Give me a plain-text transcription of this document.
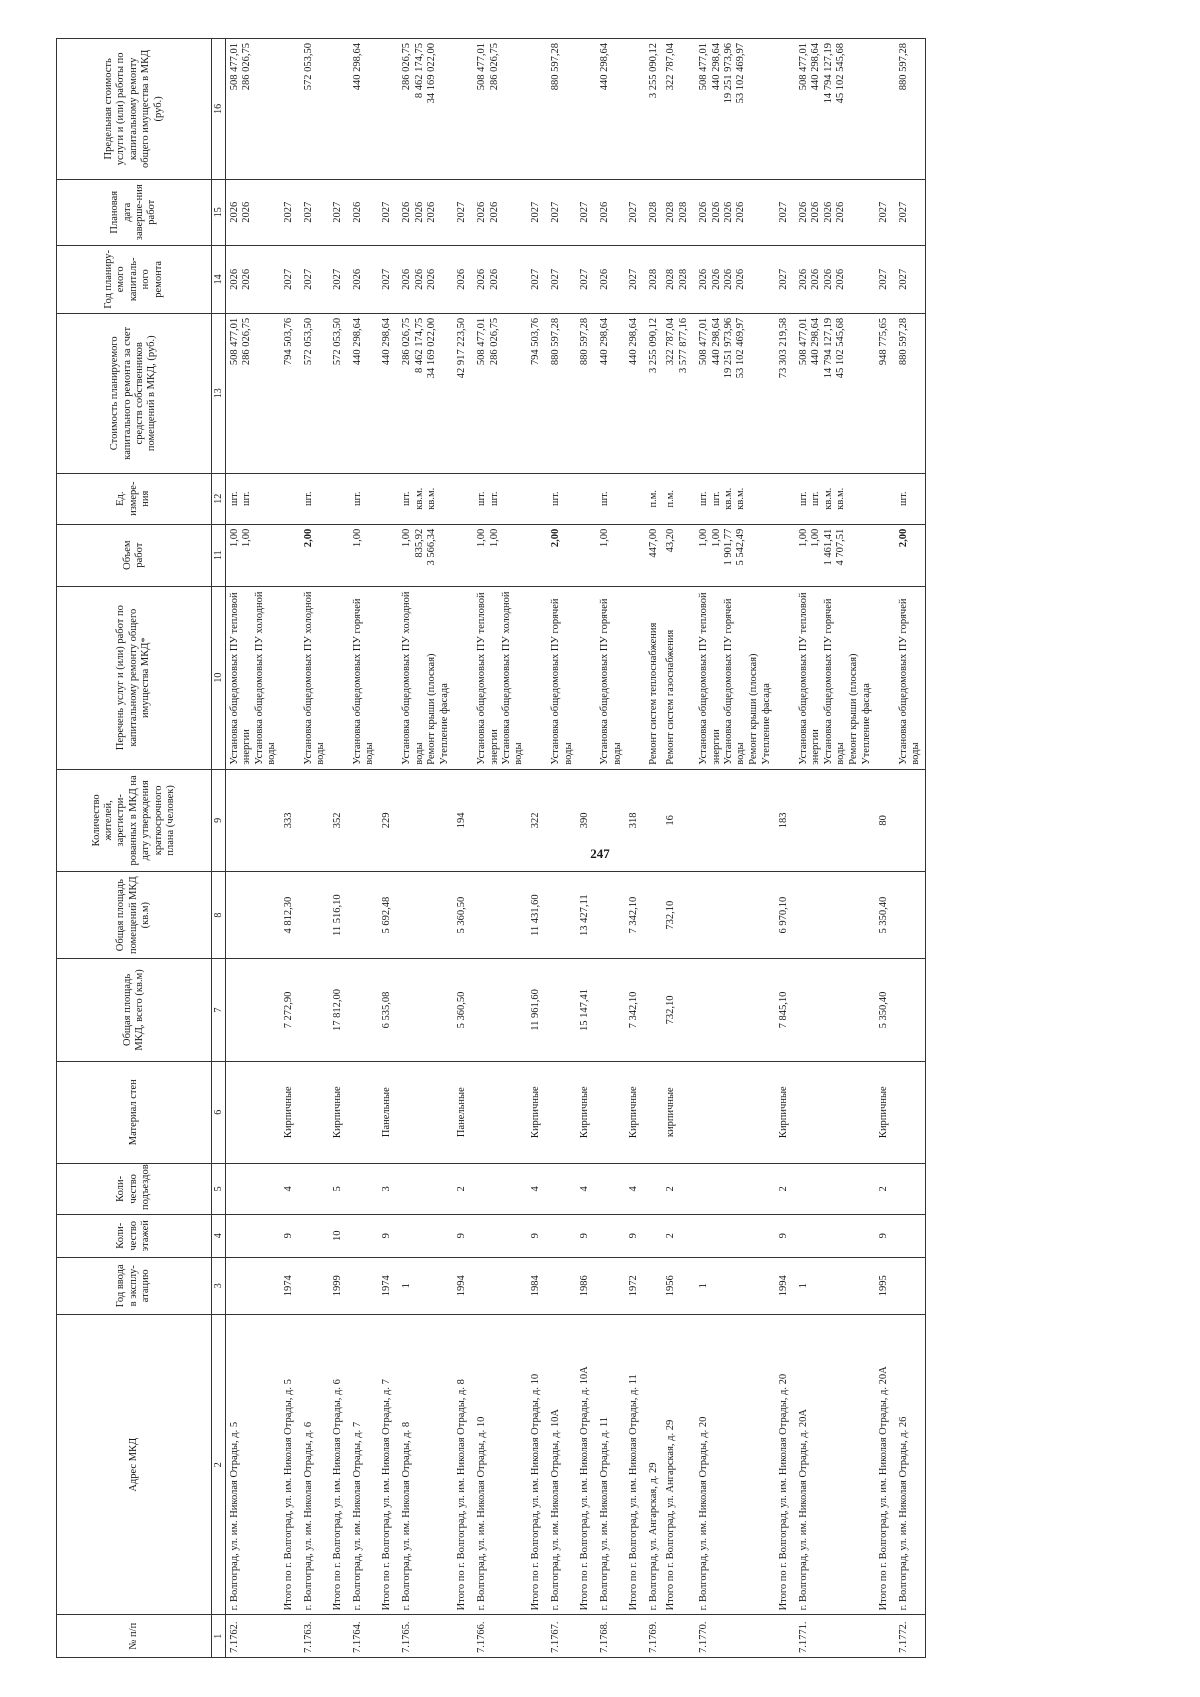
247
№ п/п	Адрес МКД	Год ввода в эксплу-атацию	Коли-чество этажей	Коли-чество подъездов	Материал стен	Общая площадь МКД, всего (кв.м)	Общая площадь помещений МКД (кв.м)	Количество жителей, зарегистри-рованных в МКД на дату утверждения краткосрочного плана (человек)	Перечень услуг и (или) работ по капитальному ремонту общего имущества МКД*	Объем работ	Ед. измере-ния	Стоимость планируемого капитального ремонта за счет средств собственников помещений в МКД, (руб.)	Год планиру-емого капиталь-ного ремонта	Плановая дата заверше-ния работ	Предельная стоимость услуги и (или) работы по капитальному ремонту общего имущества в МКД (руб.)
1	2	3	4	5	6	7	8	9	10	11	12	13	14	15	16
7.1762.	г. Волгоград, ул. им. Николая Отрады, д. 5								Установка общедомовых ПУ тепловой энергии Установка общедомовых ПУ холодной воды	1,00 1,00	шт. шт.	508 477,01 286 026,75	2026 2026	2026 2026	508 477,01 286 026,75

	Итого по г. Волгоград, ул. им. Николая Отрады, д. 5	1974	9	4	Кирпичные	7 272,90	4 812,30	333				794 503,76	2027	2027	

7.1763.	г. Волгоград, ул. им. Николая Отрады, д. 6								Установка общедомовых ПУ холодной воды	2,00	шт.	572 053,50	2027	2027	572 053,50

	Итого по г. Волгоград, ул. им. Николая Отрады, д. 6	1999	10	5	Кирпичные	17 812,00	11 516,10	352				572 053,50	2027	2027	

7.1764.	г. Волгоград, ул. им. Николая Отрады, д. 7								Установка общедомовых ПУ горячей воды	1,00	шт.	440 298,64	2026	2026	440 298,64

	Итого по г. Волгоград, ул. им. Николая Отрады, д. 7	1974	9	3	Панельные	6 535,08	5 692,48	229				440 298,64	2027	2027	

7.1765.	г. Волгоград, ул. им. Николая Отрады, д. 8	1							Установка общедомовых ПУ холодной воды Ремонт крыши (плоская) Утепление фасада	1,00 835,92 3 566,34	шт. кв.м. кв.м.	286 026,75 8 462 174,75 34 169 022,00	2026 2026 2026	2026 2026 2026	286 026,75 8 462 174,75 34 169 022,00

	Итого по г. Волгоград, ул. им. Николая Отрады, д. 8	1994	9	2	Панельные	5 360,50	5 360,50	194				42 917 223,50	2026	2027	

7.1766.	г. Волгоград, ул. им. Николая Отрады, д. 10								Установка общедомовых ПУ тепловой энергии Установка общедомовых ПУ холодной воды	1,00 1,00	шт. шт.	508 477,01 286 026,75	2026 2026	2026 2026	508 477,01 286 026,75

	Итого по г. Волгоград, ул. им. Николая Отрады, д. 10	1984	9	4	Кирпичные	11 961,60	11 431,60	322				794 503,76	2027	2027	

7.1767.	г. Волгоград, ул. им. Николая Отрады, д. 10А								Установка общедомовых ПУ горячей воды	2,00	шт.	880 597,28	2027	2027	880 597,28

	Итого по г. Волгоград, ул. им. Николая Отрады, д. 10А	1986	9	4	Кирпичные	15 147,41	13 427,11	390				880 597,28	2027	2027	

7.1768.	г. Волгоград, ул. им. Николая Отрады, д. 11								Установка общедомовых ПУ горячей воды	1,00	шт.	440 298,64	2026	2026	440 298,64

	Итого по г. Волгоград, ул. им. Николая Отрады, д. 11	1972	9	4	Кирпичные	7 342,10	7 342,10	318				440 298,64	2027	2027	

7.1769.	г. Волгоград, ул. Ангарская, д. 29								Ремонт систем теплоснабжения	447,00	п.м.	3 255 090,12	2028	2028	3 255 090,12

	Итого по г. Волгоград, ул. Ангарская, д. 29	1956	2	2	кирпичные	732,10	732,10	16	Ремонт систем газоснабжения	43,20	п.м.	322 787,04 3 577 877,16	2028 2028	2028 2028	322 787,04

7.1770.	г. Волгоград, ул. им. Николая Отрады, д. 20	1							Установка общедомовых ПУ тепловой энергии Установка общедомовых ПУ горячей воды Ремонт крыши (плоская) Утепление фасада	1,00 1,00 1 901,77 5 542,49	шт. шт. кв.м. кв.м.	508 477,01 440 298,64 19 251 973,96 53 102 469,97	2026 2026 2026 2026	2026 2026 2026 2026	508 477,01 440 298,64 19 251 973,96 53 102 469,97

	Итого по г. Волгоград, ул. им. Николая Отрады, д. 20	1994	9	2	Кирпичные	7 845,10	6 970,10	183				73 303 219,58	2027	2027	

7.1771.	г. Волгоград, ул. им. Николая Отрады, д. 20А	1							Установка общедомовых ПУ тепловой энергии Установка общедомовых ПУ горячей воды Ремонт крыши (плоская) Утепление фасада	1,00 1,00 1 461,41 4 707,51	шт. шт. кв.м. кв.м.	508 477,01 440 298,64 14 794 127,19 45 102 545,68	2026 2026 2026 2026	2026 2026 2026 2026	508 477,01 440 298,64 14 794 127,19 45 102 545,68

	Итого по г. Волгоград, ул. им. Николая Отрады, д. 20А	1995	9	2	Кирпичные	5 350,40	5 350,40	80				948 775,65	2027	2027	

7.1772.	г. Волгоград, ул. им. Николая Отрады, д. 26								Установка общедомовых ПУ горячей воды	2,00	шт.	880 597,28	2027	2027	880 597,28
